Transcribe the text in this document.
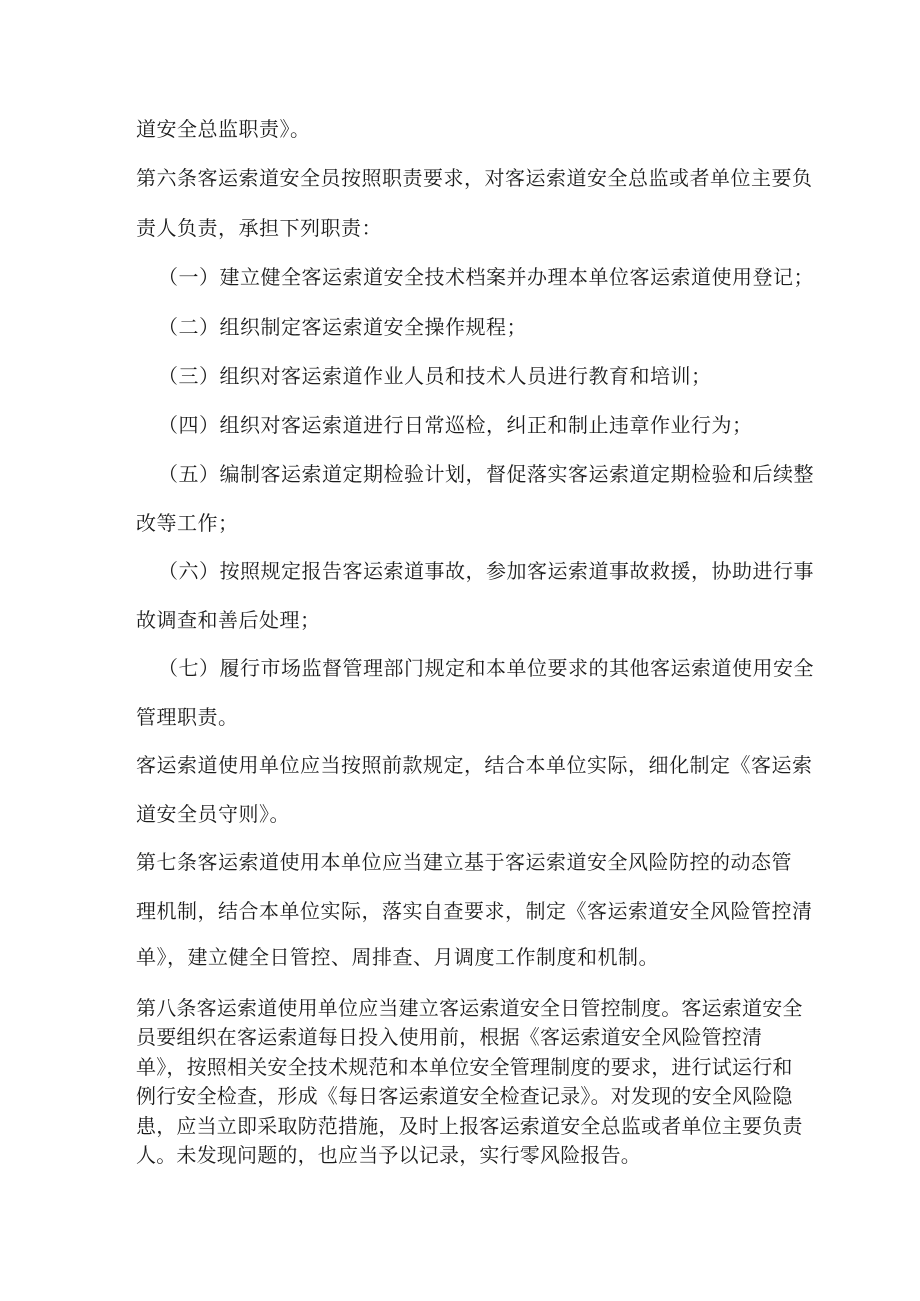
道安全总监职责》。
第六条客运索道安全员按照职责要求，对客运索道安全总监或者单位主要负
责人负责，承担下列职责：
（一）建立健全客运索道安全技术档案并办理本单位客运索道使用登记；
（二）组织制定客运索道安全操作规程；
（三）组织对客运索道作业人员和技术人员进行教育和培训；
（四）组织对客运索道进行日常巡检，纠正和制止违章作业行为；
（五）编制客运索道定期检验计划，督促落实客运索道定期检验和后续整
改等工作；
（六）按照规定报告客运索道事故，参加客运索道事故救援，协助进行事
故调查和善后处理；
（七）履行市场监督管理部门规定和本单位要求的其他客运索道使用安全
管理职责。
客运索道使用单位应当按照前款规定，结合本单位实际，细化制定《客运索
道安全员守则》。
第七条客运索道使用本单位应当建立基于客运索道安全风险防控的动态管
理机制，结合本单位实际，落实自查要求，制定《客运索道安全风险管控清
单》，建立健全日管控、周排查、月调度工作制度和机制。
第八条客运索道使用单位应当建立客运索道安全日管控制度。客运索道安全
员要组织在客运索道每日投入使用前，根据《客运索道安全风险管控清
单》，按照相关安全技术规范和本单位安全管理制度的要求，进行试运行和
例行安全检查，形成《每日客运索道安全检查记录》。对发现的安全风险隐
患，应当立即采取防范措施，及时上报客运索道安全总监或者单位主要负责
人。未发现问题的，也应当予以记录，实行零风险报告。
